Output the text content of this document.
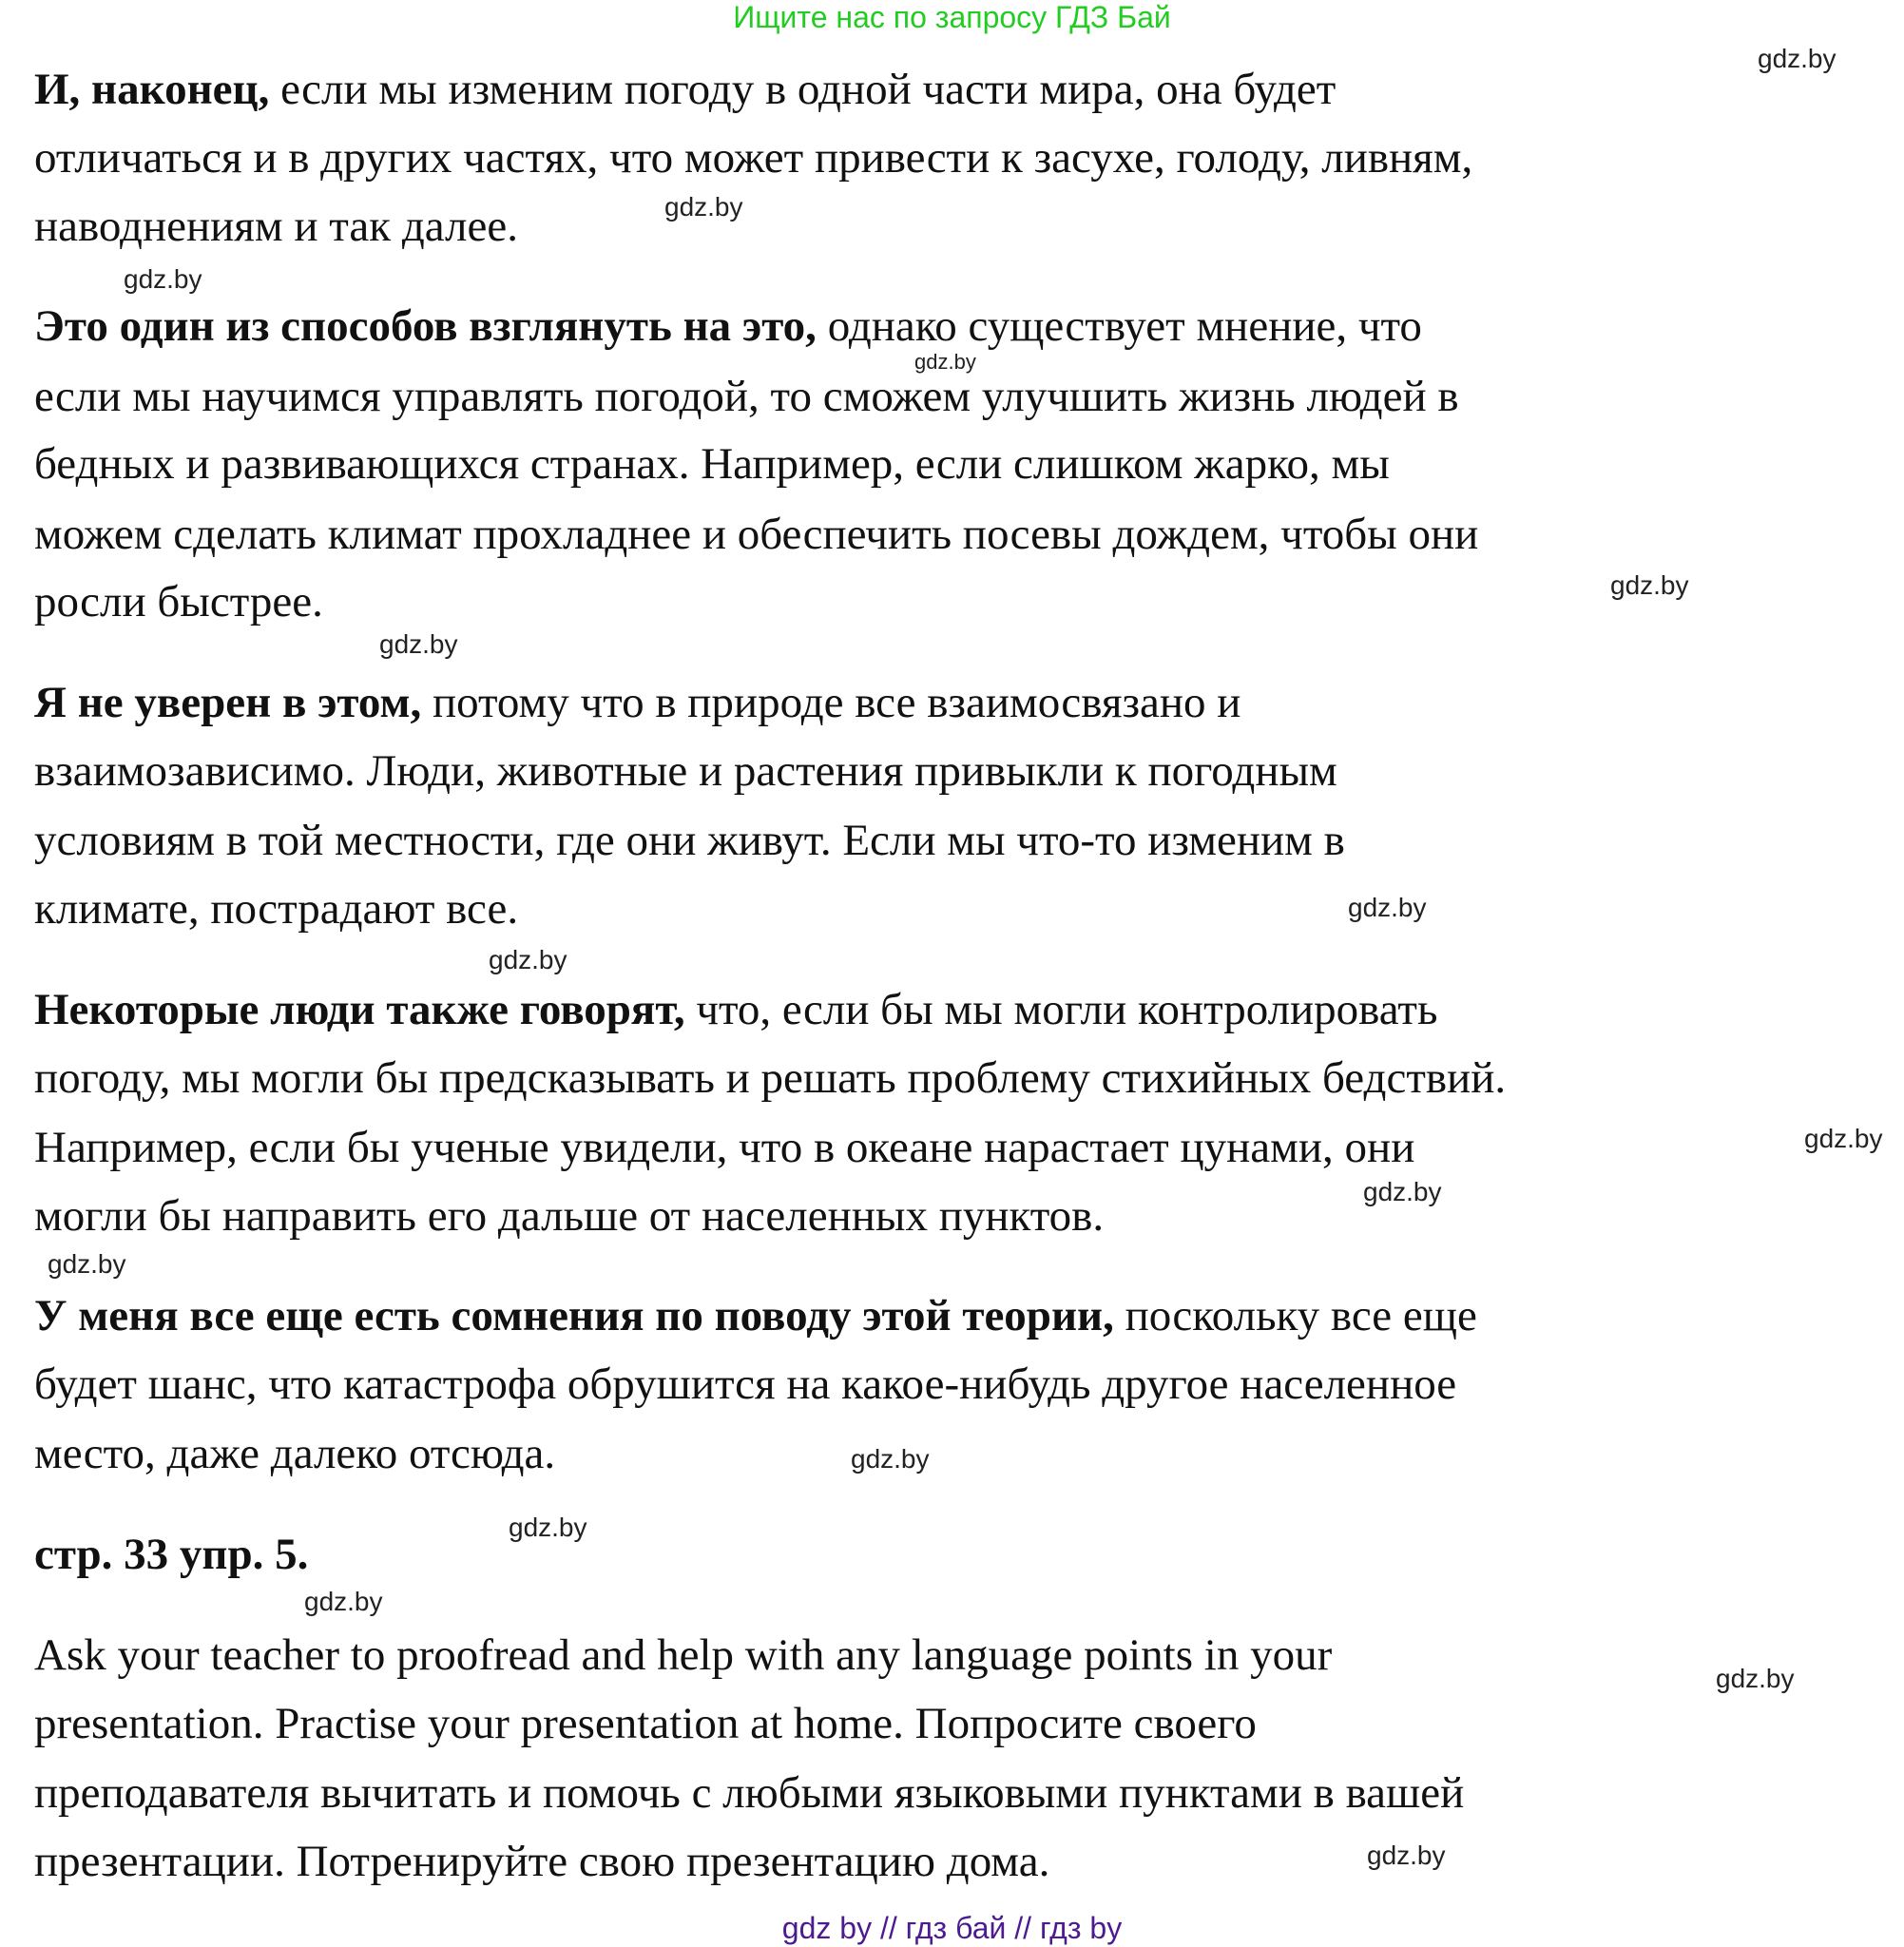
Ищите нас по запросу ГДЗ Бай
И, наконец, если мы изменим погоду в одной части мира, она будет
отличаться и в других частях, что может привести к засухе, голоду, ливням,
наводнениям и так далее.
Это один из способов взглянуть на это, однако существует мнение, что
если мы научимся управлять погодой, то сможем улучшить жизнь людей в
бедных и развивающихся странах. Например, если слишком жарко, мы
можем сделать климат прохладнее и обеспечить посевы дождем, чтобы они
росли быстрее.
Я не уверен в этом, потому что в природе все взаимосвязано и
взаимозависимо. Люди, животные и растения привыкли к погодным
условиям в той местности, где они живут. Если мы что-то изменим в
климате, пострадают все.
Некоторые люди также говорят, что, если бы мы могли контролировать
погоду, мы могли бы предсказывать и решать проблему стихийных бедствий.
Например, если бы ученые увидели, что в океане нарастает цунами, они
могли бы направить его дальше от населенных пунктов.
У меня все еще есть сомнения по поводу этой теории, поскольку все еще
будет шанс, что катастрофа обрушится на какое-нибудь другое населенное
место, даже далеко отсюда.
стр. 33 упр. 5.
Ask your teacher to proofread and help with any language points in your
presentation. Practise your presentation at home. Попросите своего
преподавателя вычитать и помочь с любыми языковыми пунктами в вашей
презентации. Потренируйте свою презентацию дома.
gdz.by
gdz.by
gdz.by
gdz.by
gdz.by
gdz.by
gdz.by
gdz.by
gdz.by
gdz.by
gdz.by
gdz.by
gdz.by
gdz.by
gdz.by
gdz.by
gdz by // гдз бай // гдз by
